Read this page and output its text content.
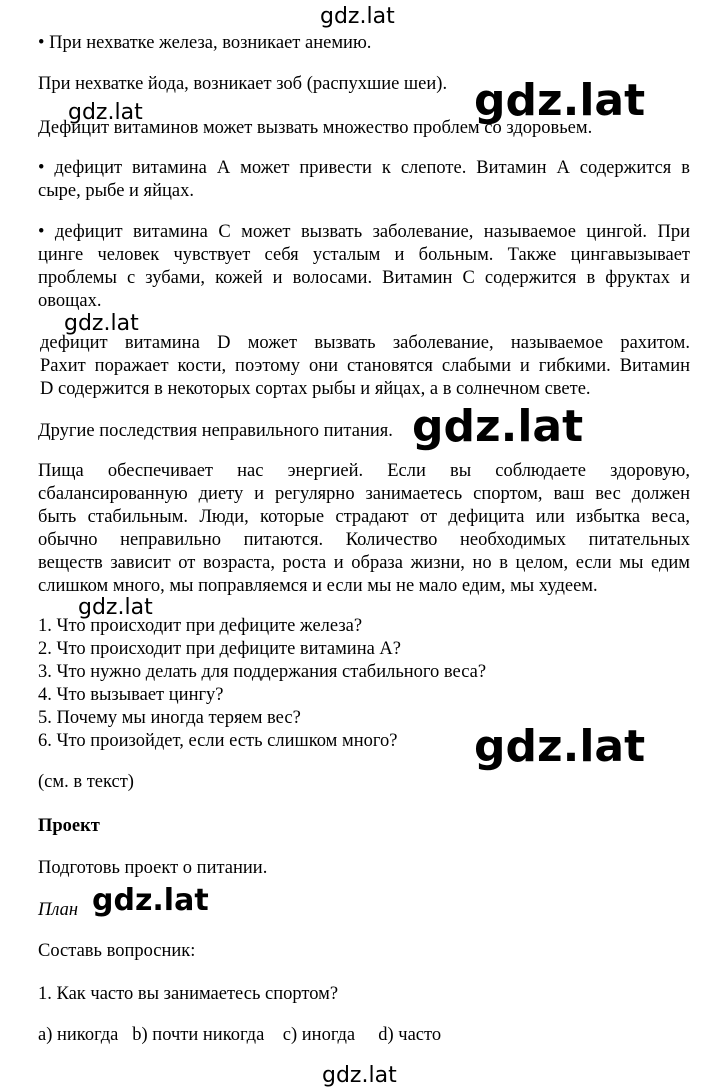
gdz.lat

• При нехватке железа, возникает анемию.

При нехватке йода, возникает зоб (распухшие шеи). gdz.lat

Дефицит витаминов может вызвать множество проблем со здоровьем.

gdz.lat
• дефицит витамина А может привести к слепоте. Витамин А содержится в
сыре, рыбе и яйцах.
• дефицит витамина С может вызвать заболевание, называемое цингой. При
цинге человек чувствует себя усталым и больным. Также цингавызывает
проблемы с зубами, кожей и волосами. Витамин С содержится в фруктах и
овощах.
gdz.lat
дефицит витамина D может вызвать заболевание, называемое рахитом.
Рахит поражает кости, поэтому они становятся слабыми и гибкими. Витамин
D содержится в некоторых сортах рыбы и яйцах, а в солнечном свете.

Другие последствия неправильного питания. gdz.lat
Пища обеспечивает нас энергией. Если вы соблюдаете здоровую,
сбалансированную диету и регулярно занимаетесь спортом, ваш вес должен
быть стабильным. Люди, которые страдают от дефицита или избытка веса,
обычно неправильно питаются. Количество необходимых питательных
веществ зависит от возраста, роста и образа жизни, но в целом, если мы едим
слишком много, мы поправляемся и если мы не мало едим, мы худеем.
gdz.lat

1. Что происходит при дефиците железа?

2. Что происходит при дефиците витамина А?

3. Что нужно делать для поддержания стабильного веса?

4. Что вызывает цингу?

5. Почему мы иногда теряем вес?

6. Что произойдет, если есть слишком много? gdz.lat

(см. в текст)

Проект

Подготовь проект о питании.

План gdz.lat

Составь вопросник:

1. Как часто вы занимаетесь спортом?

a) никогда b) почти никогда c) иногда d) часто

gdz.lat
